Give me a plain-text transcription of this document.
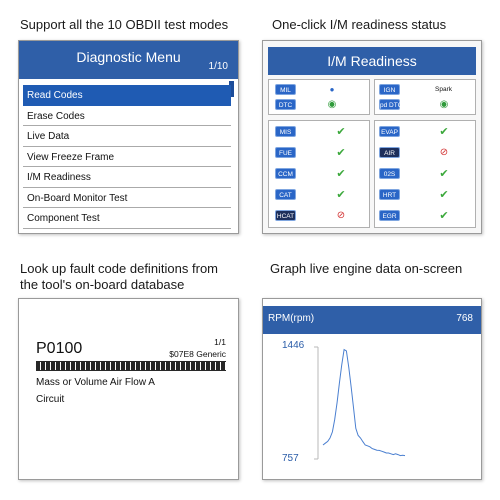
Support all the 10 OBDII test modes	One-click I/M readiness status
Look up fault code definitions from
the tool's on-board database
Graph live engine data on-screen
Diagnostic Menu
1/10
Read Codes
Erase Codes
Live Data
View Freeze Frame
I/M Readiness
On-Board Monitor Test
Component Test
I/M Readiness
MIL	●
DTC	◉
IGN	Spark
pd DTC	◉
MIS	✔
FUE	✔
CCM	✔
CAT	✔
HCAT	⊘
EVAP	✔
AIR	⊘
02S	✔
HRT	✔
EGR	✔
1/1
P0100	$07E8 Generic
Mass or Volume Air Flow A
Circuit
RPM(rpm)	768
1446
757
